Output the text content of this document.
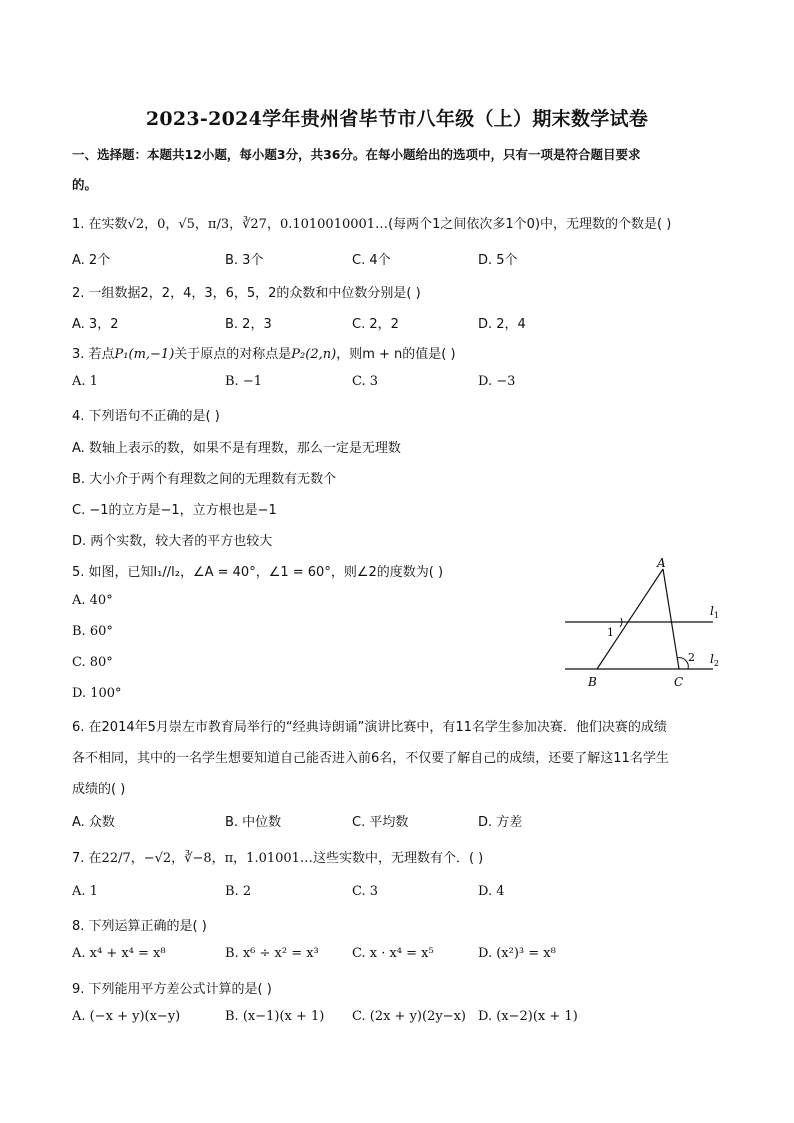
2023-2024学年贵州省毕节市八年级（上）期末数学试卷
一、选择题：本题共12小题，每小题3分，共36分。在每小题给出的选项中，只有一项是符合题目要求
的。
1. 在实数√2，0，√5，π/3，∛27，0.1010010001…(每两个1之间依次多1个0)中，无理数的个数是( )
A. 2个	B. 3个	C. 4个	D. 5个
2. 一组数据2，2，4，3，6，5，2的众数和中位数分别是( )
A. 3，2	B. 2，3	C. 2，2	D. 2，4
3. 若点P₁(m,−1)关于原点的对称点是P₂(2,n)，则m + n的值是( )
A. 1	B. −1	C. 3	D. −3
4. 下列语句不正确的是( )
A. 数轴上表示的数，如果不是有理数，那么一定是无理数
B. 大小介于两个有理数之间的无理数有无数个
C. −1的立方是−1，立方根也是−1
D. 两个实数，较大者的平方也较大
5. 如图，已知l₁//l₂，∠A = 40°，∠1 = 60°，则∠2的度数为( )
A. 40°
B. 60°
C. 80°
D. 100°
A
B	C
1
2
$l_1$
$l_2$
6. 在2014年5月崇左市教育局举行的“经典诗朗诵”演讲比赛中，有11名学生参加决赛．他们决赛的成绩
各不相同，其中的一名学生想要知道自己能否进入前6名，不仅要了解自己的成绩，还要了解这11名学生
成绩的( )
A. 众数	B. 中位数	C. 平均数	D. 方差
7. 在22/7，−√2，∛−8，π，1.01001…这些实数中，无理数有个．( )
A. 1	B. 2	C. 3	D. 4
8. 下列运算正确的是( )
A. x⁴ + x⁴ = x⁸	B. x⁶ ÷ x² = x³	C. x · x⁴ = x⁵	D. (x²)³ = x⁸
9. 下列能用平方差公式计算的是( )
A. (−x + y)(x−y)	B. (x−1)(x + 1) C. (2x + y)(2y−x) D. (x−2)(x + 1)
